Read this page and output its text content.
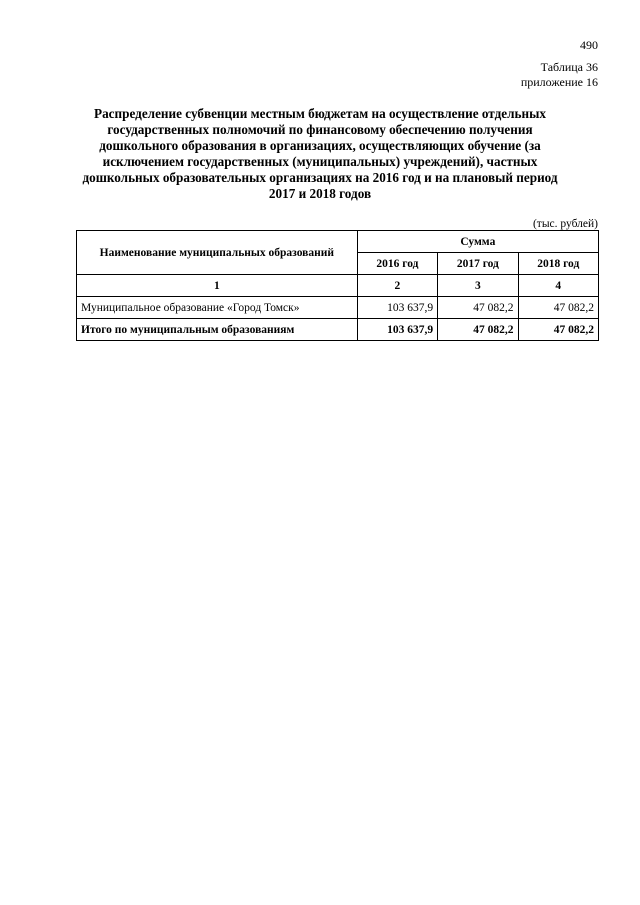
490
Таблица 36
приложение 16
Распределение субвенции местным бюджетам на осуществление отдельных
государственных полномочий по финансовому обеспечению получения
дошкольного образования в организациях, осуществляющих обучение (за
исключением государственных (муниципальных) учреждений), частных
дошкольных образовательных организациях на 2016 год и на плановый период
2017 и 2018 годов
(тыс. рублей)
Наименование муниципальных образований	Сумма		
	2016 год	2017 год	2018 год
1	2	3	4
Муниципальное образование «Город Томск»	103 637,9	47 082,2	47 082,2
Итого по муниципальным образованиям	103 637,9	47 082,2	47 082,2
